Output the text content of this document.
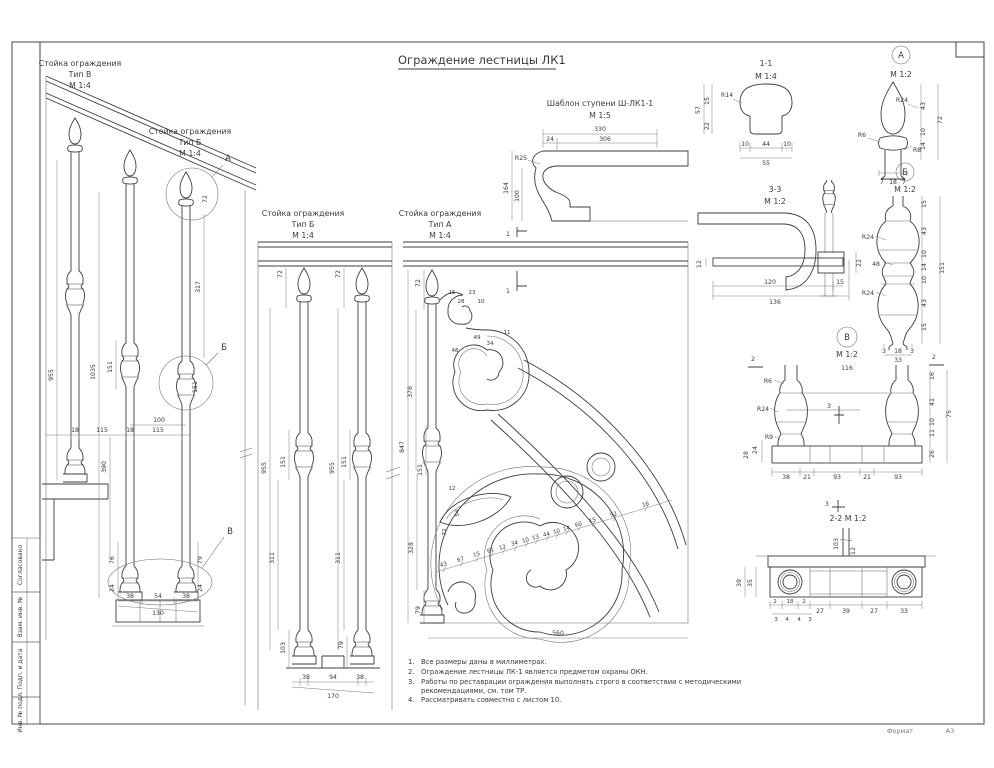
Согласовано
Взам. инв. №
Подп. и дата
Инв. № подл.	Формат	А3
Ограждение лестницы ЛК1
Стойка ограждения
Тип В
М 1:4
Стойка ограждения
Тип Б
М 1:4
А
Б
В
955	1035 151
317
72
100
18	115	18	115
390
76
24
79
24
38	54	38
130
151
Стойка ограждения
Тип Б
М 1:4
72	72
955
151
311
103
955
151
311
79
38	94	38
170
Стойка ограждения
Тип А
М 1:4	1
1
72
378
847
151
328
79
560
15 23
28 10
49
34
11
48
12
54
72
43
67
15
61 12
34 10 13 44 10 14
60
15
92
16
Шаблон ступени Ш-ЛК1-1
М 1:5
330
24	306
R25
164
100
1-1
М 1:4
R14
57
15
22
10 44 10
55
А
М 1:2
R24
R6
R8
43
10
14
72
7 18 7
3-3
М 1:2
12
120	15
136
22
Б
М 1:2
R24
48
R24
15
43
10
14
10
43
15
151
3 18 3
33
В
М 1:2
116
2	2
3
R6
R24
R9
24
28
16
41
10
11
26
75
38 21	93	21	93
3
2-2 М 1:2
103
12
39 35
2 18 2
27	39	27	33
3 4 4 3
1. Все размеры даны в миллиметрах.
2. Ограждение лестницы ЛК-1 является предметом охраны ОКН.
3. Работы по реставрации ограждения выполнять строго в соответствии с методическими
рекомендациями, см. том ТР.
4. Рассматривать совместно с листом 10.
